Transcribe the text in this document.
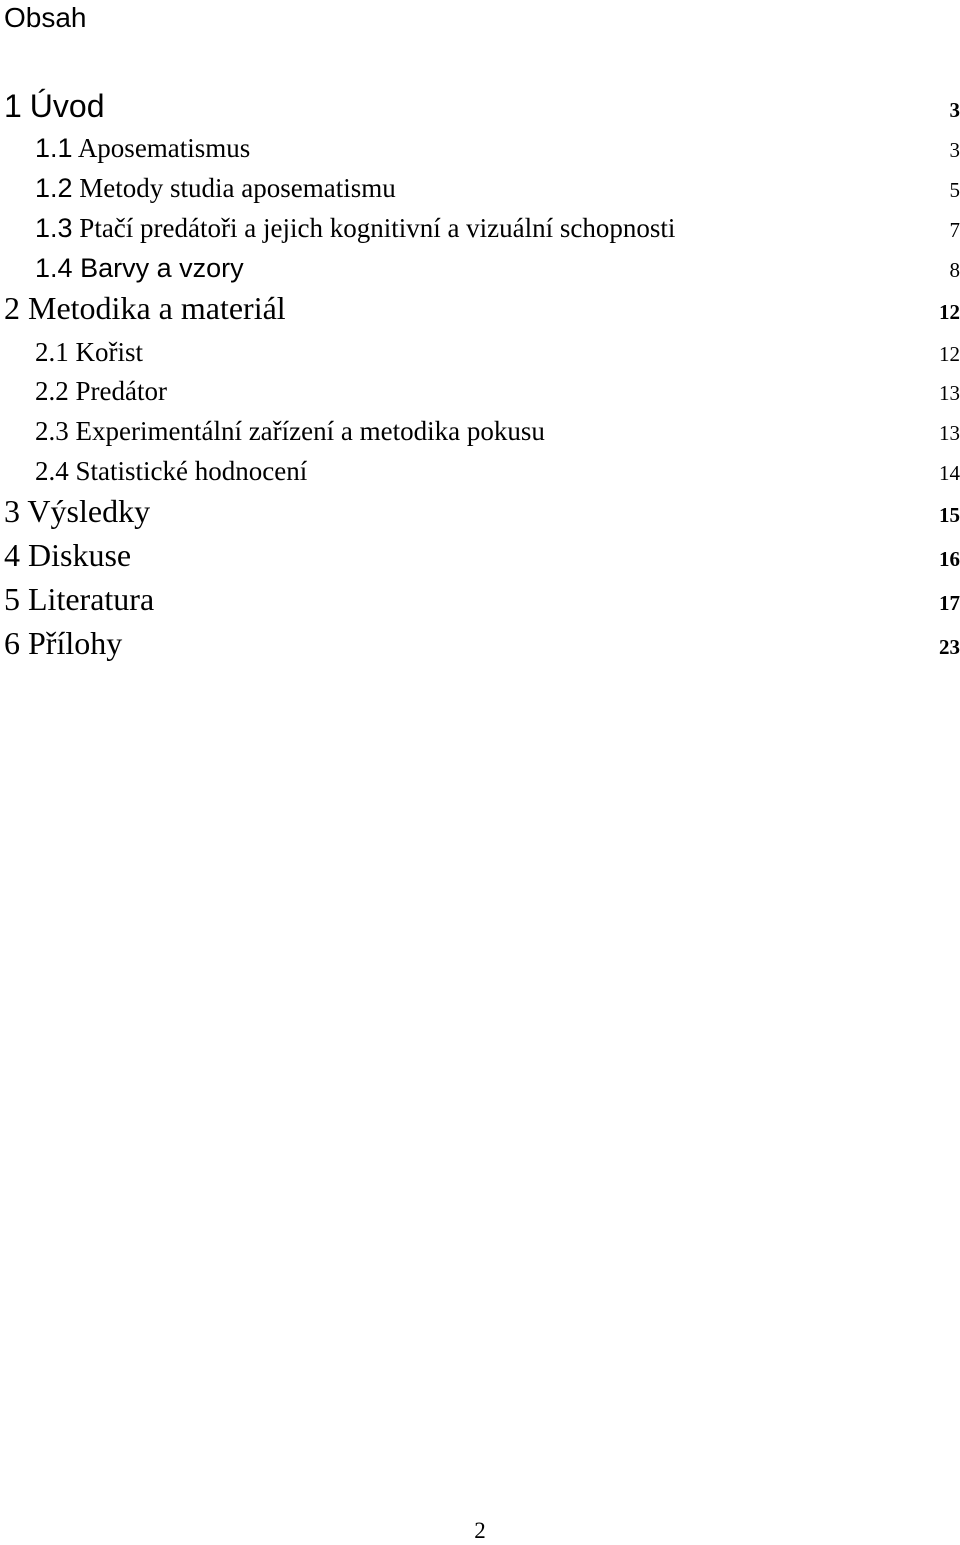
Obsah
1 Úvod	3
1.1 Aposematismus	3
1.2 Metody studia aposematismu	5
1.3 Ptačí predátoři a jejich kognitivní a vizuální schopnosti	7
1.4 Barvy a vzory	8
2 Metodika a materiál	12
2.1 Kořist	12
2.2 Predátor	13
2.3 Experimentální zařízení a metodika pokusu	13
2.4 Statistické hodnocení	14
3 Výsledky	15
4 Diskuse	16
5 Literatura	17
6 Přílohy	23
2
